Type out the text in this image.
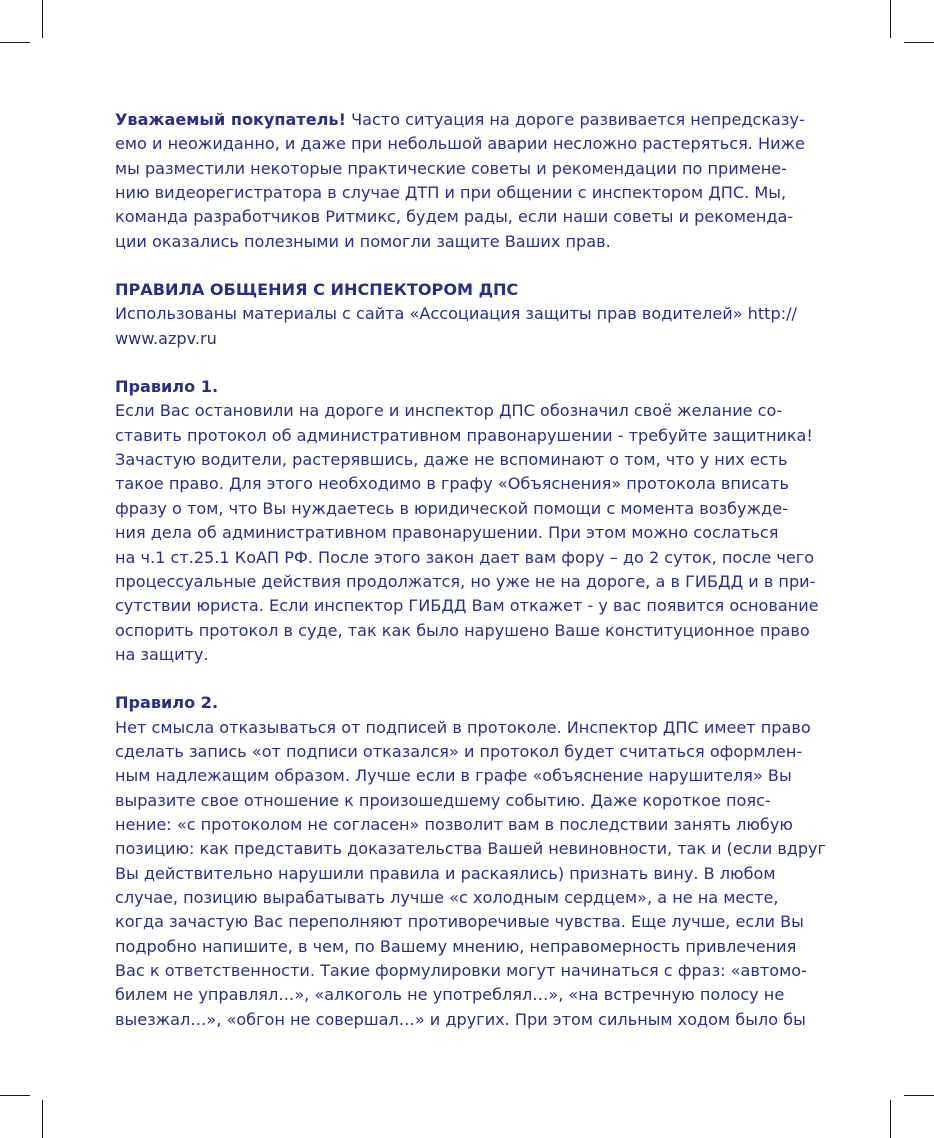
Уважаемый покупатель! Часто ситуация на дороге развивается непредсказу-
емо и неожиданно, и даже при небольшой аварии несложно растеряться. Ниже
мы разместили некоторые практические советы и рекомендации по примене-
нию видеорегистратора в случае ДТП и при общении с инспектором ДПС. Мы,
команда разработчиков Ритмикс, будем рады, если наши советы и рекоменда-
ции оказались полезными и помогли защите Ваших прав.

ПРАВИЛА ОБЩЕНИЯ С ИНСПЕКТОРОМ ДПС

Использованы материалы с сайта «Ассоциация защиты прав водителей» http://
www.azpv.ru

Правило 1.

Если Вас остановили на дороге и инспектор ДПС обозначил своё желание со-
ставить протокол об административном правонарушении - требуйте защитника!
Зачастую водители, растерявшись, даже не вспоминают о том, что у них есть
такое право. Для этого необходимо в графу «Объяснения» протокола вписать
фразу о том, что Вы нуждаетесь в юридической помощи с момента возбужде-
ния дела об административном правонарушении. При этом можно сослаться
на ч.1 ст.25.1 КоАП РФ. После этого закон дает вам фору – до 2 суток, после чего
процессуальные действия продолжатся, но уже не на дороге, а в ГИБДД и в при-
сутствии юриста. Если инспектор ГИБДД Вам откажет - у вас появится основание
оспорить протокол в суде, так как было нарушено Ваше конституционное право
на защиту.

Правило 2.

Нет смысла отказываться от подписей в протоколе. Инспектор ДПС имеет право
сделать запись «от подписи отказался» и протокол будет считаться оформлен-
ным надлежащим образом. Лучше если в графе «объяснение нарушителя» Вы
выразите свое отношение к произошедшему событию. Даже короткое пояс-
нение: «с протоколом не согласен» позволит вам в последствии занять любую
позицию: как представить доказательства Вашей невиновности, так и (если вдруг
Вы действительно нарушили правила и раскаялись) признать вину. В любом
случае, позицию вырабатывать лучше «с холодным сердцем», а не на месте,
когда зачастую Вас переполняют противоречивые чувства. Еще лучше, если Вы
подробно напишите, в чем, по Вашему мнению, неправомерность привлечения
Вас к ответственности. Такие формулировки могут начинаться с фраз: «автомо-
билем не управлял…», «алкоголь не употреблял…», «на встречную полосу не
выезжал…», «обгон не совершал…» и других. При этом сильным ходом было бы
